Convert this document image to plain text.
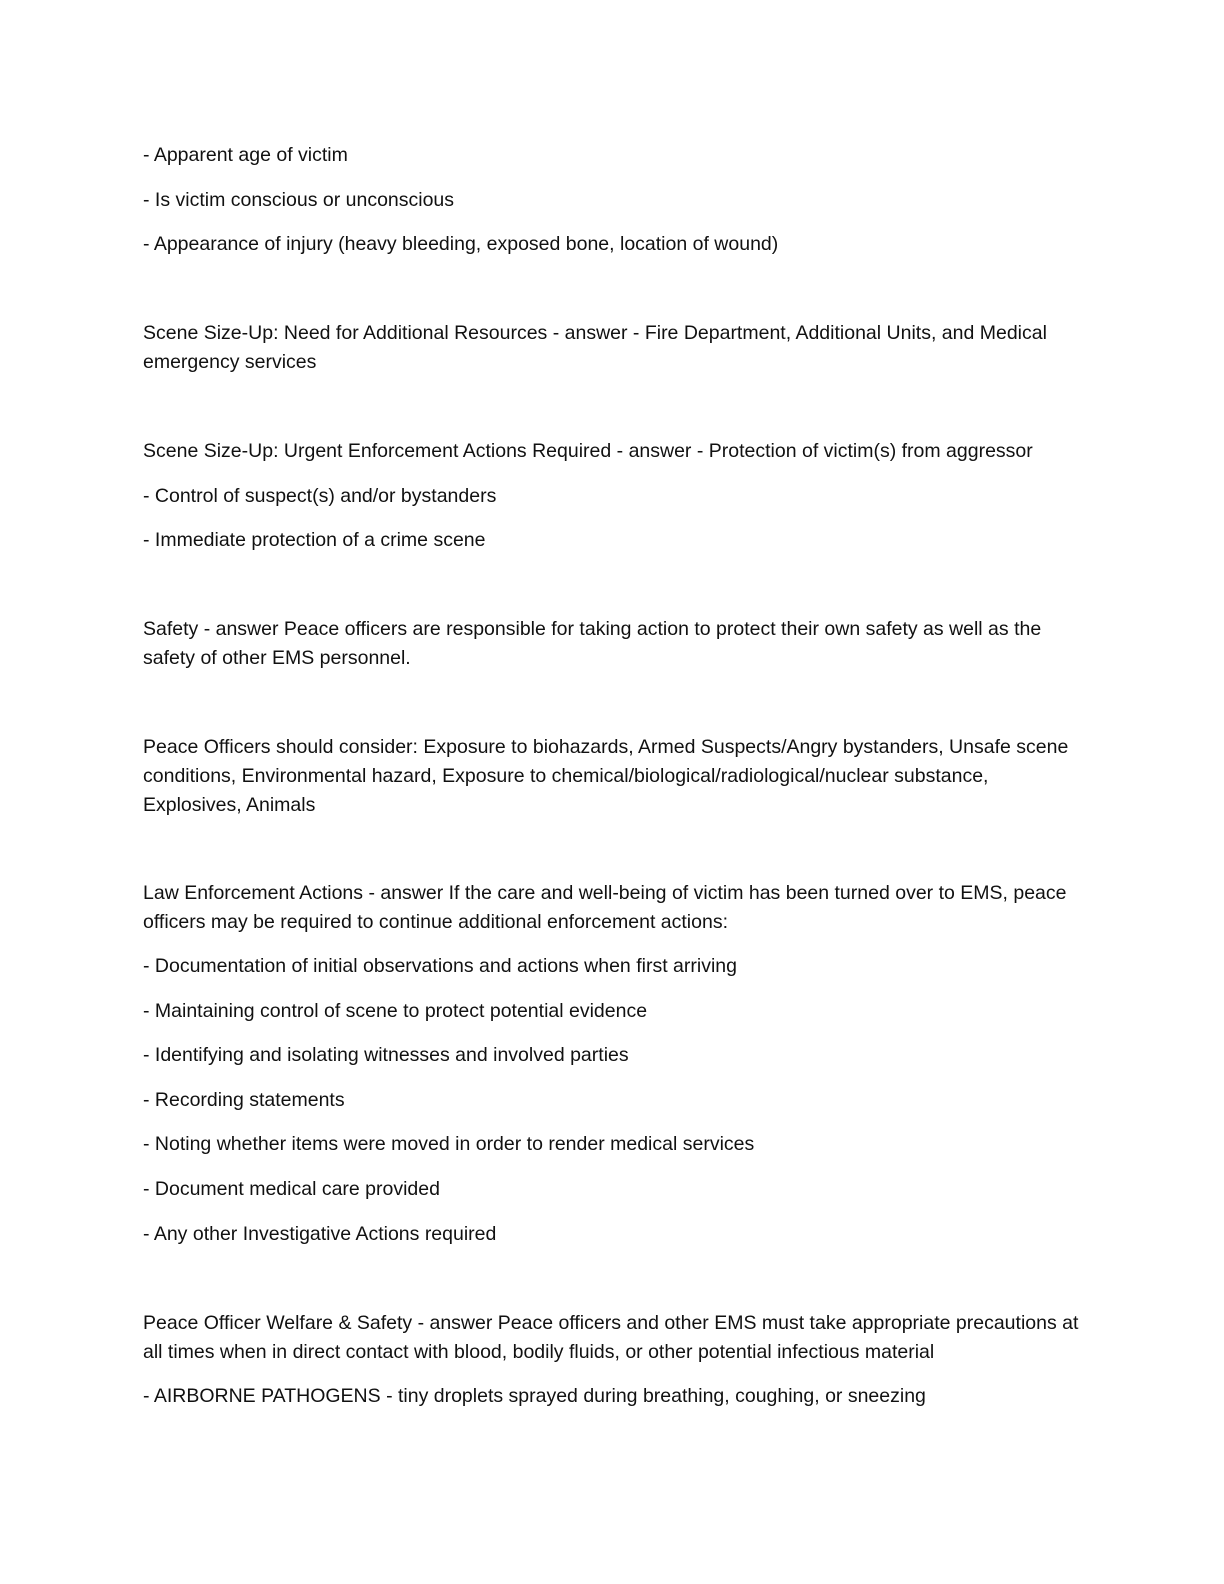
- Apparent age of victim
- Is victim conscious or unconscious
- Appearance of injury (heavy bleeding, exposed bone, location of wound)
Scene Size-Up: Need for Additional Resources - answer - Fire Department, Additional Units, and Medical emergency services
Scene Size-Up: Urgent Enforcement Actions Required - answer - Protection of victim(s) from aggressor
- Control of suspect(s) and/or bystanders
- Immediate protection of a crime scene
Safety - answer Peace officers are responsible for taking action to protect their own safety as well as the safety of other EMS personnel.
Peace Officers should consider: Exposure to biohazards, Armed Suspects/Angry bystanders, Unsafe scene conditions, Environmental hazard, Exposure to chemical/biological/radiological/nuclear substance, Explosives, Animals
Law Enforcement Actions - answer If the care and well-being of victim has been turned over to EMS, peace officers may be required to continue additional enforcement actions:
- Documentation of initial observations and actions when first arriving
- Maintaining control of scene to protect potential evidence
- Identifying and isolating witnesses and involved parties
- Recording statements
- Noting whether items were moved in order to render medical services
- Document medical care provided
- Any other Investigative Actions required
Peace Officer Welfare & Safety - answer Peace officers and other EMS must take appropriate precautions at all times when in direct contact with blood, bodily fluids, or other potential infectious material
- AIRBORNE PATHOGENS - tiny droplets sprayed during breathing, coughing, or sneezing
